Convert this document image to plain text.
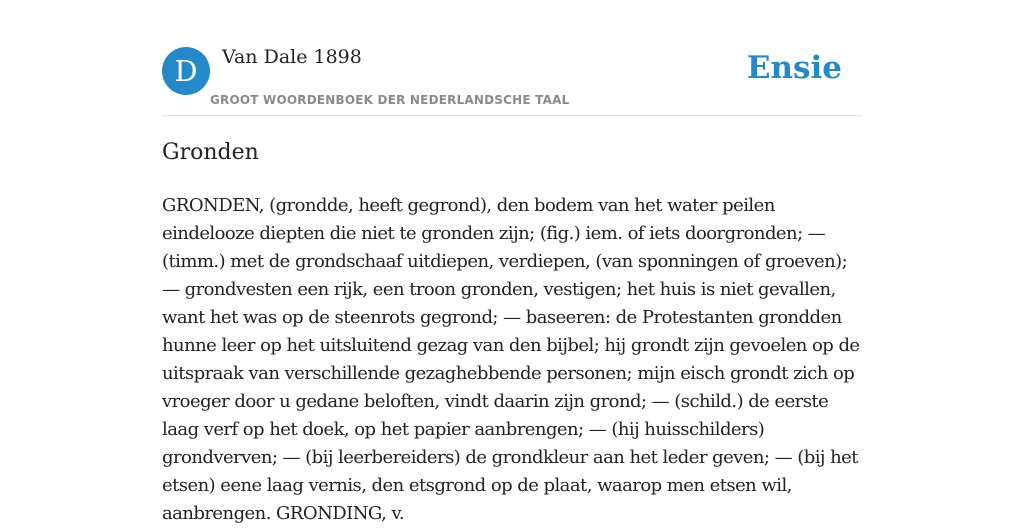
D	Van Dale 1898
GROOT WOORDENBOEK DER NEDERLANDSCHE TAAL
Ensie
Gronden

GRONDEN, (grondde, heeft gegrond), den bodem van het water peilen
eindelooze diepten die niet te gronden zijn; (fig.) iem. of iets doorgronden; —
(timm.) met de grondschaaf uitdiepen, verdiepen, (van sponningen of groeven);
— grondvesten een rijk, een troon gronden, vestigen; het huis is niet gevallen,
want het was op de steenrots gegrond; — baseeren: de Protestanten grondden
hunne leer op het uitsluitend gezag van den bijbel; hij grondt zijn gevoelen op de
uitspraak van verschillende gezaghebbende personen; mijn eisch grondt zich op
vroeger door u gedane beloften, vindt daarin zijn grond; — (schild.) de eerste
laag verf op het doek, op het papier aanbrengen; — (hij huisschilders)
grondverven; — (bij leerbereiders) de grondkleur aan het leder geven; — (bij het
etsen) eene laag vernis, den etsgrond op de plaat, waarop men etsen wil,
aanbrengen. GRONDING, v.
